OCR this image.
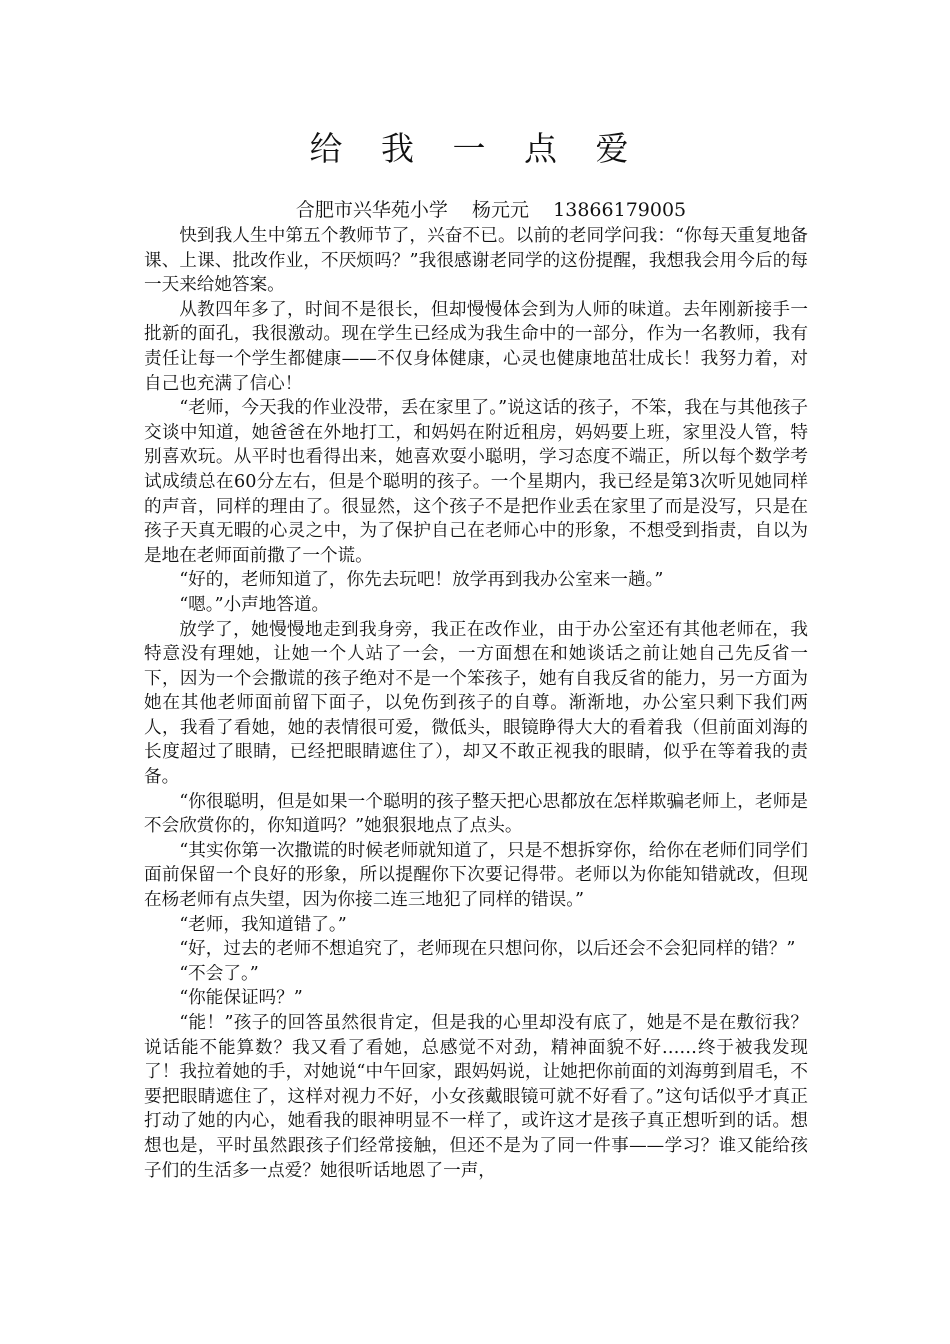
给 我 一 点 爱
合肥市兴华苑小学    杨元元    13866179005

快到我人生中第五个教师节了，兴奋不已。以前的老同学问我：“你每天重复地备课、上课、批改作业，不厌烦吗？”我很感谢老同学的这份提醒，我想我会用今后的每一天来给她答案。

从教四年多了，时间不是很长，但却慢慢体会到为人师的味道。去年刚新接手一批新的面孔，我很激动。现在学生已经成为我生命中的一部分，作为一名教师，我有责任让每一个学生都健康——不仅身体健康，心灵也健康地茁壮成长！我努力着，对自己也充满了信心！

“老师，今天我的作业没带，丢在家里了。”说这话的孩子，不笨，我在与其他孩子交谈中知道，她爸爸在外地打工，和妈妈在附近租房，妈妈要上班，家里没人管，特别喜欢玩。从平时也看得出来，她喜欢耍小聪明，学习态度不端正，所以每个数学考试成绩总在60分左右，但是个聪明的孩子。一个星期内，我已经是第3次听见她同样的声音，同样的理由了。很显然，这个孩子不是把作业丢在家里了而是没写，只是在孩子天真无暇的心灵之中，为了保护自己在老师心中的形象，不想受到指责，自以为是地在老师面前撒了一个谎。

“好的，老师知道了，你先去玩吧！放学再到我办公室来一趟。”

“嗯。”小声地答道。

放学了，她慢慢地走到我身旁，我正在改作业，由于办公室还有其他老师在，我特意没有理她，让她一个人站了一会，一方面想在和她谈话之前让她自己先反省一下，因为一个会撒谎的孩子绝对不是一个笨孩子，她有自我反省的能力，另一方面为她在其他老师面前留下面子，以免伤到孩子的自尊。渐渐地，办公室只剩下我们两人，我看了看她，她的表情很可爱，微低头，眼镜睁得大大的看着我（但前面刘海的长度超过了眼睛，已经把眼睛遮住了），却又不敢正视我的眼睛，似乎在等着我的责备。

“你很聪明，但是如果一个聪明的孩子整天把心思都放在怎样欺骗老师上，老师是不会欣赏你的，你知道吗？”她狠狠地点了点头。

“其实你第一次撒谎的时候老师就知道了，只是不想拆穿你，给你在老师们同学们面前保留一个良好的形象，所以提醒你下次要记得带。老师以为你能知错就改，但现在杨老师有点失望，因为你接二连三地犯了同样的错误。”

“老师，我知道错了。”

“好，过去的老师不想追究了，老师现在只想问你，以后还会不会犯同样的错？”

“不会了。”

“你能保证吗？”

“能！”孩子的回答虽然很肯定，但是我的心里却没有底了，她是不是在敷衍我？说话能不能算数？我又看了看她，总感觉不对劲，精神面貌不好……终于被我发现了！我拉着她的手，对她说“中午回家，跟妈妈说，让她把你前面的刘海剪到眉毛，不要把眼睛遮住了，这样对视力不好，小女孩戴眼镜可就不好看了。”这句话似乎才真正打动了她的内心，她看我的眼神明显不一样了，或许这才是孩子真正想听到的话。想想也是，平时虽然跟孩子们经常接触，但还不是为了同一件事——学习？谁又能给孩子们的生活多一点爱？她很听话地恩了一声，
